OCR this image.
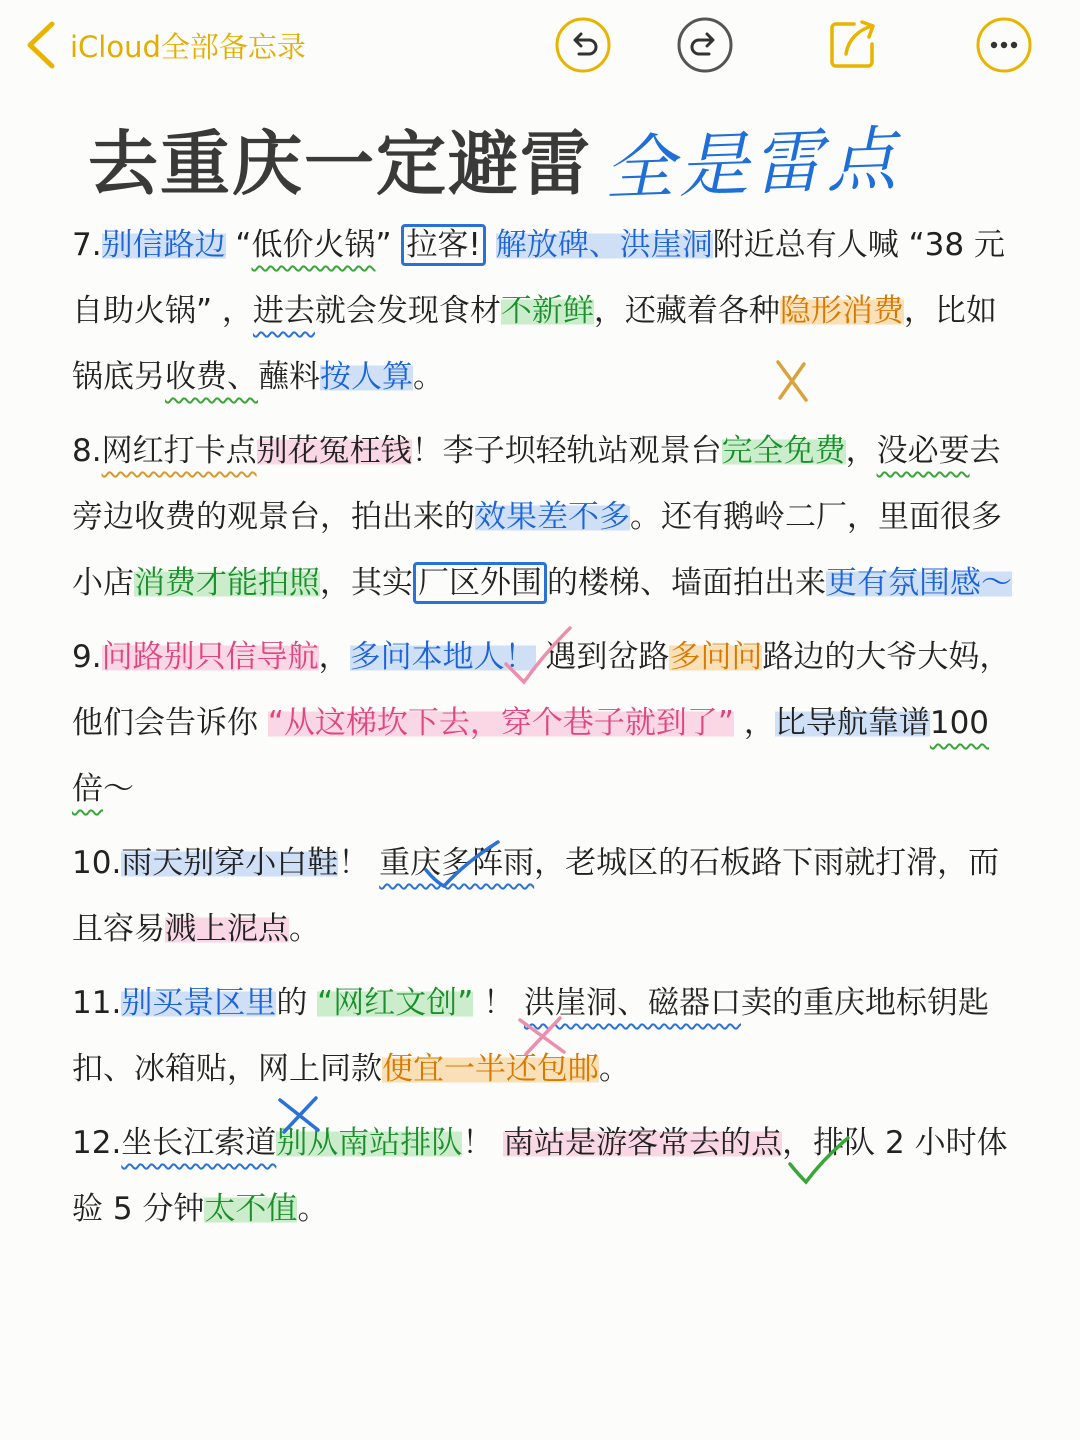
iCloud全部备忘录
去重庆一定避雷 全是雷点

7.别信路边 “低价火锅” 拉客! 解放碑、洪崖洞附近总有人喊 “38 元自助火锅” ，进去就会发现食材不新鲜，还藏着各种隐形消费，比如锅底另收费、蘸料按人算。

8.网红打卡点别花冤枉钱！李子坝轻轨站观景台完全免费，没必要去旁边收费的观景台，拍出来的效果差不多。还有鹅岭二厂，里面很多小店消费才能拍照，其实 厂区外围 的楼梯、墙面拍出来更有氛围感～

9.问路别只信导航，多问本地人！ 遇到岔路多问问路边的大爷大妈，他们会告诉你 “从这梯坎下去，穿个巷子就到了” ，比导航靠谱100 倍～

10.雨天别穿小白鞋！ 重庆多阵雨，老城区的石板路下雨就打滑，而且容易溅上泥点。

11.别买景区里的 “网红文创” ！ 洪崖洞、磁器口卖的重庆地标钥匙扣、冰箱贴，网上同款便宜一半还包邮。

12.坐长江索道别从南站排队！ 南站是游客常去的点，排队 2 小时体验 5 分钟太不值。
